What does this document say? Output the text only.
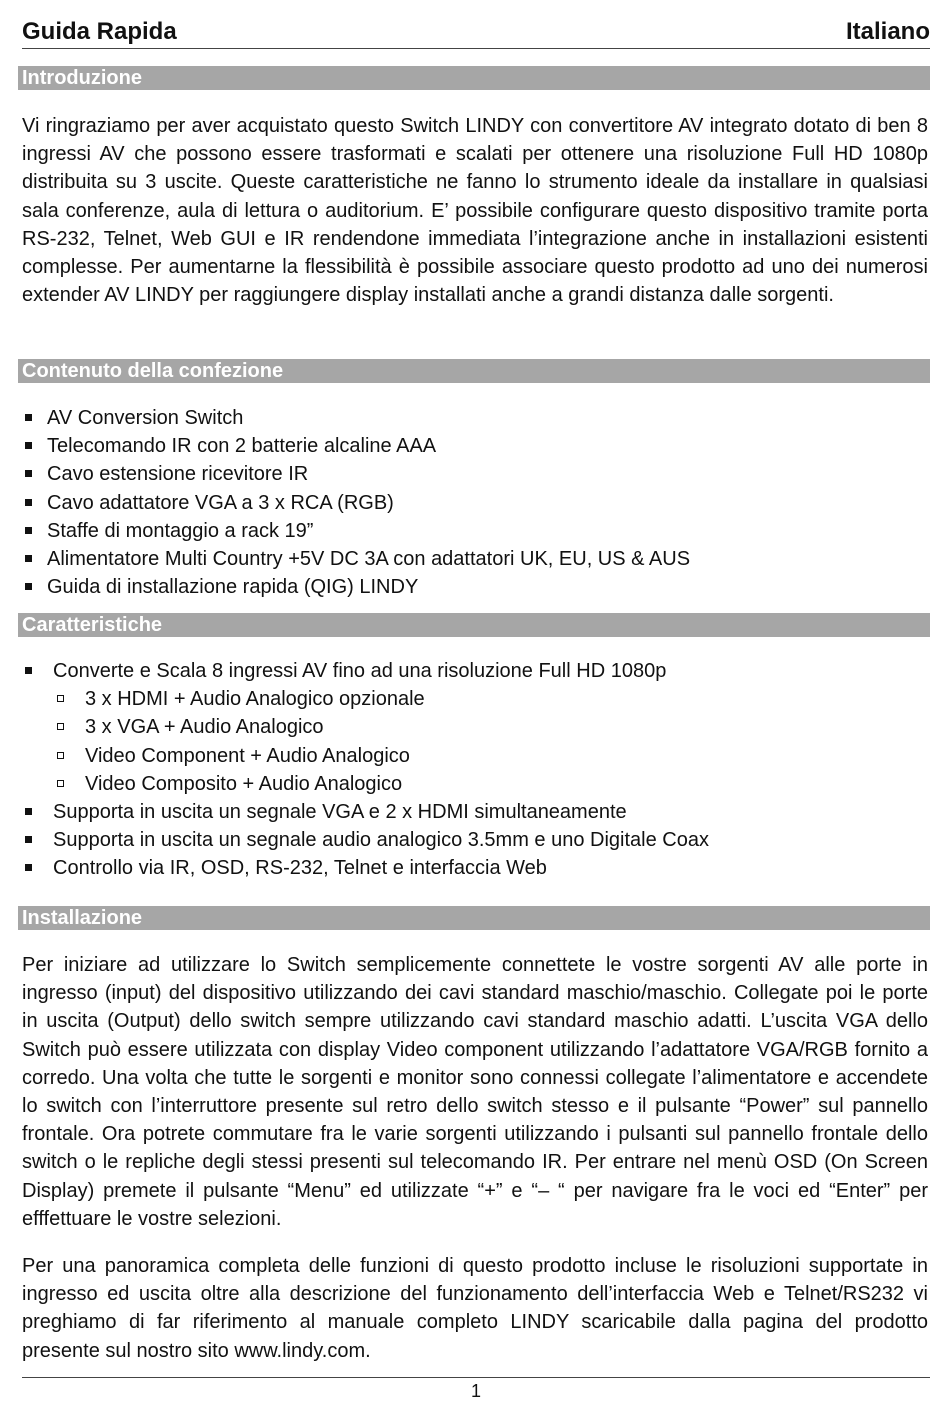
Guida Rapida	Italiano
Introduzione
Vi ringraziamo per aver acquistato questo Switch LINDY con convertitore AV integrato dotato di ben 8 ingressi AV che possono essere trasformati e scalati per ottenere una risoluzione Full HD 1080p distribuita su 3 uscite. Queste caratteristiche ne fanno lo strumento ideale da installare in qualsiasi sala conferenze, aula di lettura o auditorium. E’ possibile configurare questo dispositivo tramite porta RS-232, Telnet, Web GUI e IR rendendone immediata l’integrazione anche in installazioni esistenti complesse. Per aumentarne la flessibilità è possibile associare questo prodotto ad uno dei numerosi extender AV LINDY per raggiungere display installati anche a grandi distanza dalle sorgenti.
Contenuto della confezione
AV Conversion Switch
Telecomando IR con 2 batterie alcaline AAA
Cavo estensione ricevitore IR
Cavo adattatore VGA a 3 x RCA (RGB)
Staffe di montaggio a rack 19”
Alimentatore Multi Country +5V DC 3A con adattatori UK, EU, US & AUS
Guida di installazione rapida (QIG) LINDY
Caratteristiche
Converte e Scala 8 ingressi AV fino ad una risoluzione Full HD 1080p
3 x HDMI + Audio Analogico opzionale
3 x VGA + Audio Analogico
Video Component + Audio Analogico
Video Composito + Audio Analogico
Supporta in uscita un segnale VGA e 2 x HDMI simultaneamente
Supporta in uscita un segnale audio analogico 3.5mm e uno Digitale Coax
Controllo via IR, OSD, RS-232, Telnet e interfaccia Web
Installazione
Per iniziare ad utilizzare lo Switch semplicemente connettete le vostre sorgenti AV alle porte in ingresso (input) del dispositivo utilizzando dei cavi standard maschio/maschio. Collegate poi le porte in uscita (Output) dello switch sempre utilizzando cavi standard maschio adatti. L’uscita VGA dello Switch può essere utilizzata con display Video component utilizzando l’adattatore VGA/RGB fornito a corredo. Una volta che tutte le sorgenti e monitor sono connessi collegate l’alimentatore e accendete lo switch con l’interruttore presente sul retro dello switch stesso e il pulsante “Power” sul pannello frontale. Ora potrete commutare fra le varie sorgenti utilizzando i pulsanti sul pannello frontale dello switch o le repliche degli stessi presenti sul telecomando IR. Per entrare nel menù OSD (On Screen Display) premete il pulsante “Menu” ed utilizzate “+” e “– “ per navigare fra le voci ed “Enter” per efffettuare le vostre selezioni.
Per una panoramica completa delle funzioni di questo prodotto incluse le risoluzioni supportate in ingresso ed uscita oltre alla descrizione del funzionamento dell’interfaccia Web e Telnet/RS232 vi preghiamo di far riferimento al manuale completo LINDY scaricabile dalla pagina del prodotto presente sul nostro sito www.lindy.com.
1
